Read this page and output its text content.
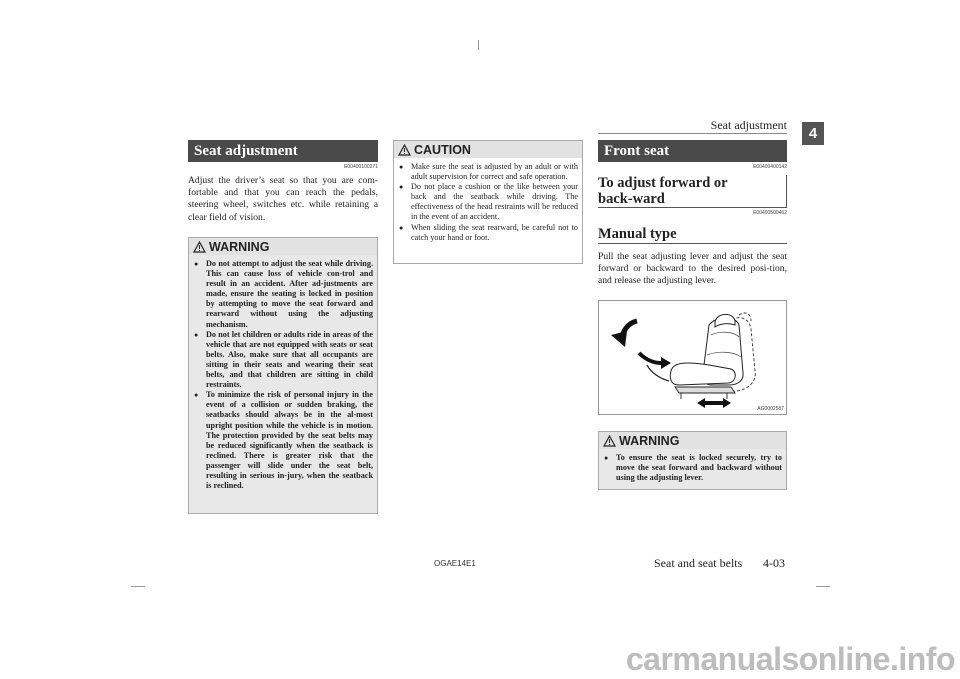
Seat adjustment	4
Seat adjustment
E00400100271
Adjust the driver’s seat so that you are com-fortable and that you can reach the pedals, steering wheel, switches etc. while retaining a clear field of vision.
WARNING
● Do not attempt to adjust the seat while driving. This can cause loss of vehicle con-trol and result in an accident. After ad-justments are made, ensure the seating is locked in position by attempting to move the seat forward and rearward without using the adjusting mechanism.
● Do not let children or adults ride in areas of the vehicle that are not equipped with seats or seat belts. Also, make sure that all occupants are sitting in their seats and wearing their seat belts, and that children are sitting in child restraints.
● To minimize the risk of personal injury in the event of a collision or sudden braking, the seatbacks should always be in the al-most upright position while the vehicle is in motion. The protection provided by the seat belts may be reduced significantly when the seatback is reclined. There is greater risk that the passenger will slide under the seat belt, resulting in serious in-jury, when the seatback is reclined.
CAUTION
● Make sure the seat is adjusted by an adult or with adult supervision for correct and safe operation.
● Do not place a cushion or the like between your back and the seatback while driving. The effectiveness of the head restraints will be reduced in the event of an accident.
● When sliding the seat rearward, be careful not to catch your hand or foot.
Front seat
E00400400142
To adjust forward or back-ward
E00400500462
Manual type
Pull the seat adjusting lever and adjust the seat forward or backward to the desired posi-tion, and release the adjusting lever.
AG0002587
WARNING
● To ensure the seat is locked securely, try to move the seat forward and backward without using the adjusting lever.
OGAE14E1	Seat and seat belts 4-03
carmanualsonline.info
